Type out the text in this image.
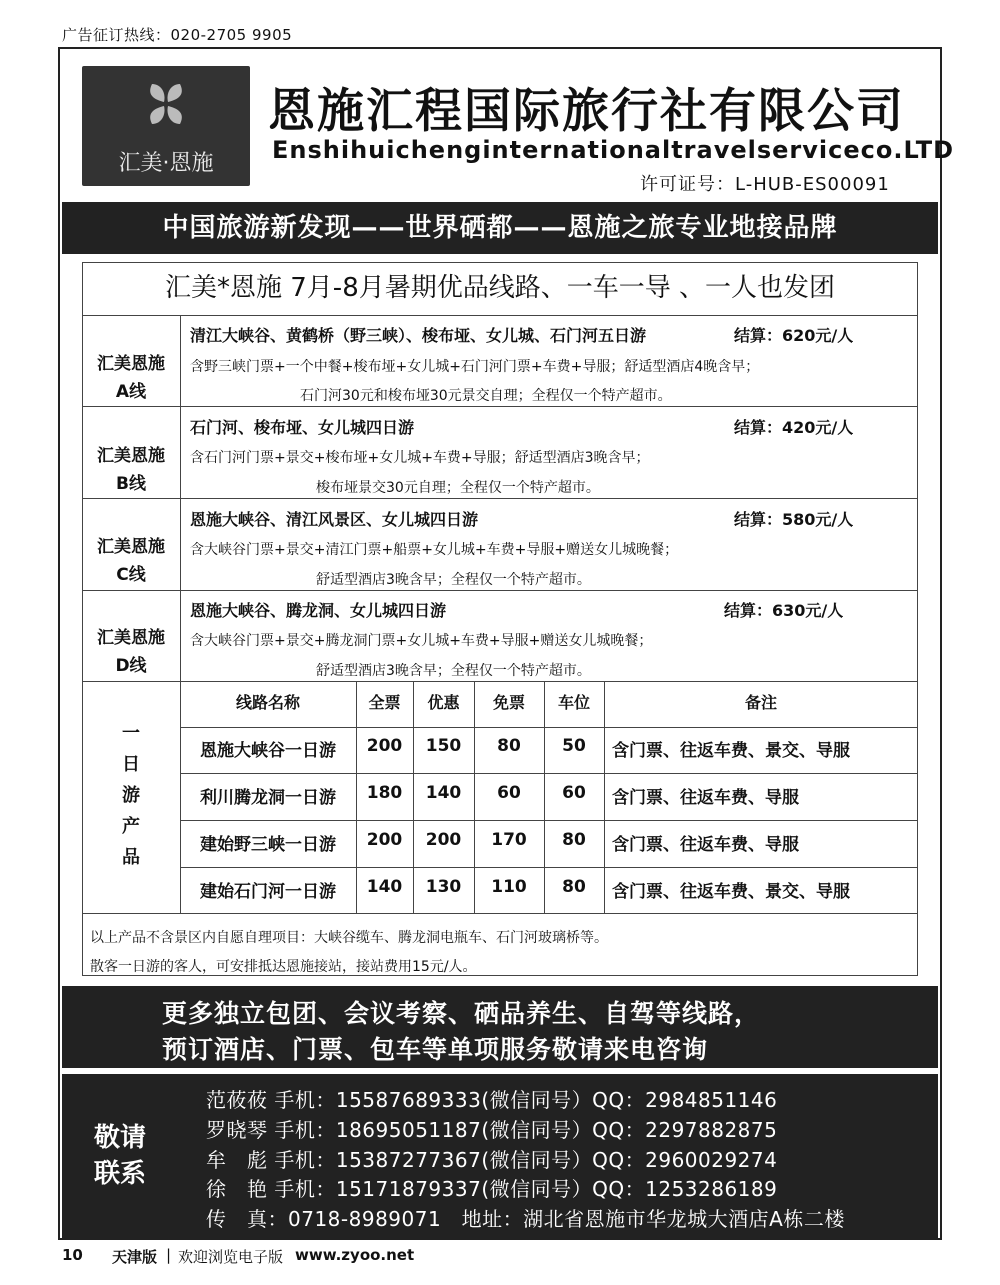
广告征订热线：020-2705 9905
汇美·恩施
恩施汇程国际旅行社有限公司
Enshihuichenginternationaltravelserviceco.LTD
许可证号：L-HUB-ES00091
中国旅游新发现——世界硒都——恩施之旅专业地接品牌
汇美*恩施 7月-8月暑期优品线路、一车一导 、一人也发团
汇美恩施
A线
清江大峡谷、黄鹤桥（野三峡）、梭布垭、女儿城、石门河五日游	结算：620元/人
含野三峡门票+一个中餐+梭布垭+女儿城+石门河门票+车费+导服；舒适型酒店4晚含早；
石门河30元和梭布垭30元景交自理；全程仅一个特产超市。
汇美恩施
B线
石门河、梭布垭、女儿城四日游	结算：420元/人
含石门河门票+景交+梭布垭+女儿城+车费+导服；舒适型酒店3晚含早；
梭布垭景交30元自理；全程仅一个特产超市。
汇美恩施
C线
恩施大峡谷、清江风景区、女儿城四日游	结算：580元/人
含大峡谷门票+景交+清江门票+船票+女儿城+车费+导服+赠送女儿城晚餐；
舒适型酒店3晚含早；全程仅一个特产超市。
汇美恩施
D线
恩施大峡谷、腾龙洞、女儿城四日游	结算：630元/人
含大峡谷门票+景交+腾龙洞门票+女儿城+车费+导服+赠送女儿城晚餐；
舒适型酒店3晚含早；全程仅一个特产超市。
一
日
游
产
品
线路名称	全票	优惠	免票	车位	备注
恩施大峡谷一日游	200	150	80	50	含门票、往返车费、景交、导服
利川腾龙洞一日游	180	140	60	60	含门票、往返车费、导服
建始野三峡一日游	200	200	170	80	含门票、往返车费、导服
建始石门河一日游	140	130	110	80	含门票、往返车费、景交、导服
以上产品不含景区内自愿自理项目：大峡谷缆车、腾龙洞电瓶车、石门河玻璃桥等。
散客一日游的客人，可安排抵达恩施接站，接站费用15元/人。
更多独立包团、会议考察、硒品养生、自驾等线路，
预订酒店、门票、包车等单项服务敬请来电咨询
敬请
联系
范莜莜 手机：15587689333(微信同号）QQ：2984851146
罗晓琴 手机：18695051187(微信同号）QQ：2297882875
牟　彪 手机：15387277367(微信同号）QQ：2960029274
徐　艳 手机：15171879337(微信同号）QQ：1253286189
传　真：0718-8989071　地址：湖北省恩施市华龙城大酒店A栋二楼
10 天津版 | 欢迎浏览电子版 www.zyoo.net
